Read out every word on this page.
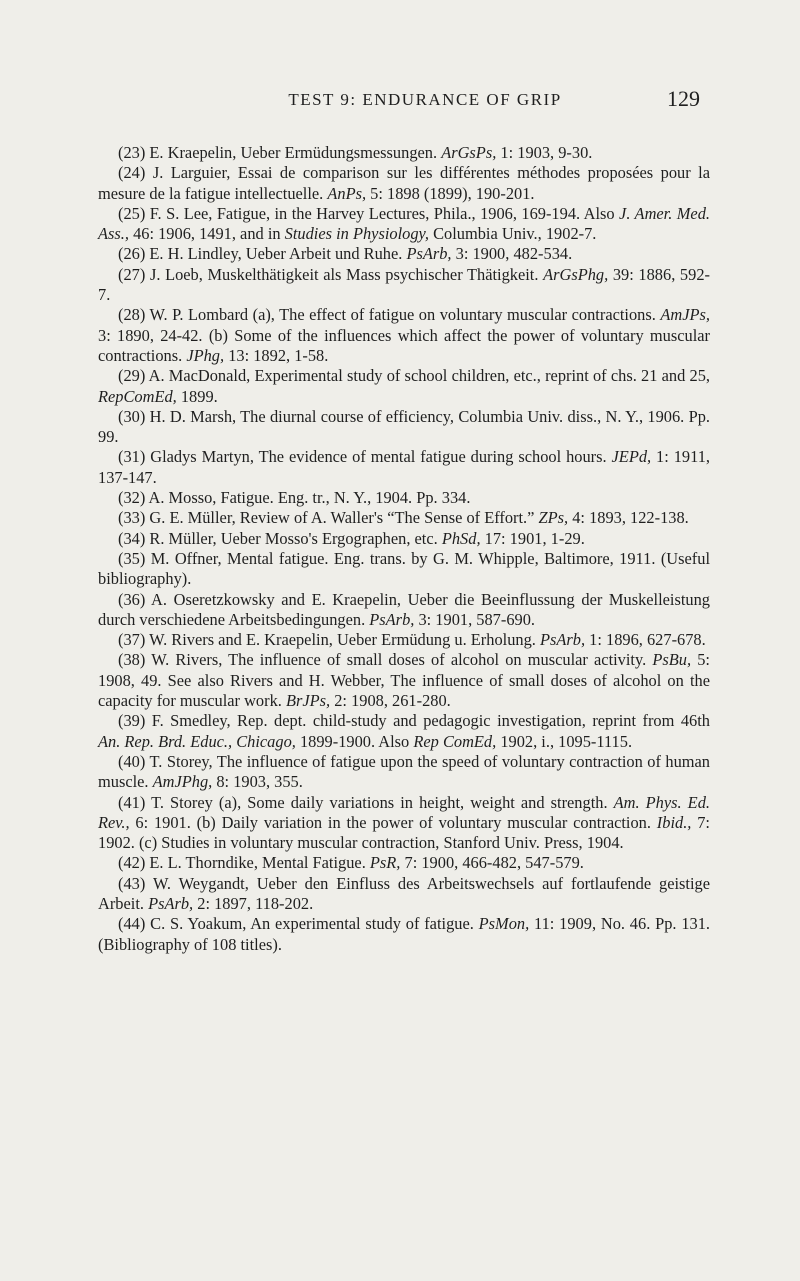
TEST 9: ENDURANCE OF GRIP	129

(23) E. Kraepelin, Ueber Ermüdungsmessungen. ArGsPs, 1: 1903, 9-30.

(24) J. Larguier, Essai de comparison sur les différentes méthodes proposées pour la mesure de la fatigue intellectuelle. AnPs, 5: 1898 (1899), 190-201.

(25) F. S. Lee, Fatigue, in the Harvey Lectures, Phila., 1906, 169-194. Also J. Amer. Med. Ass., 46: 1906, 1491, and in Studies in Physiology, Columbia Univ., 1902-7.

(26) E. H. Lindley, Ueber Arbeit und Ruhe. PsArb, 3: 1900, 482-534.

(27) J. Loeb, Muskelthätigkeit als Mass psychischer Thätigkeit. ArGsPhg, 39: 1886, 592-7.

(28) W. P. Lombard (a), The effect of fatigue on voluntary muscular contractions. AmJPs, 3: 1890, 24-42. (b) Some of the influences which affect the power of voluntary muscular contractions. JPhg, 13: 1892, 1-58.

(29) A. MacDonald, Experimental study of school children, etc., reprint of chs. 21 and 25, RepComEd, 1899.

(30) H. D. Marsh, The diurnal course of efficiency, Columbia Univ. diss., N. Y., 1906. Pp. 99.

(31) Gladys Martyn, The evidence of mental fatigue during school hours. JEPd, 1: 1911, 137-147.

(32) A. Mosso, Fatigue. Eng. tr., N. Y., 1904. Pp. 334.

(33) G. E. Müller, Review of A. Waller's “The Sense of Effort.” ZPs, 4: 1893, 122-138.

(34) R. Müller, Ueber Mosso's Ergographen, etc. PhSd, 17: 1901, 1-29.

(35) M. Offner, Mental fatigue. Eng. trans. by G. M. Whipple, Baltimore, 1911. (Useful bibliography).

(36) A. Oseretzkowsky and E. Kraepelin, Ueber die Beeinflussung der Muskelleistung durch verschiedene Arbeitsbedingungen. PsArb, 3: 1901, 587-690.

(37) W. Rivers and E. Kraepelin, Ueber Ermüdung u. Erholung. PsArb, 1: 1896, 627-678.

(38) W. Rivers, The influence of small doses of alcohol on muscular activity. PsBu, 5: 1908, 49. See also Rivers and H. Webber, The influence of small doses of alcohol on the capacity for muscular work. BrJPs, 2: 1908, 261-280.

(39) F. Smedley, Rep. dept. child-study and pedagogic investigation, reprint from 46th An. Rep. Brd. Educ., Chicago, 1899-1900. Also Rep ComEd, 1902, i., 1095-1115.

(40) T. Storey, The influence of fatigue upon the speed of voluntary contraction of human muscle. AmJPhg, 8: 1903, 355.

(41) T. Storey (a), Some daily variations in height, weight and strength. Am. Phys. Ed. Rev., 6: 1901. (b) Daily variation in the power of voluntary muscular contraction. Ibid., 7: 1902. (c) Studies in voluntary muscular contraction, Stanford Univ. Press, 1904.

(42) E. L. Thorndike, Mental Fatigue. PsR, 7: 1900, 466-482, 547-579.

(43) W. Weygandt, Ueber den Einfluss des Arbeitswechsels auf fortlaufende geistige Arbeit. PsArb, 2: 1897, 118-202.

(44) C. S. Yoakum, An experimental study of fatigue. PsMon, 11: 1909, No. 46. Pp. 131. (Bibliography of 108 titles).
